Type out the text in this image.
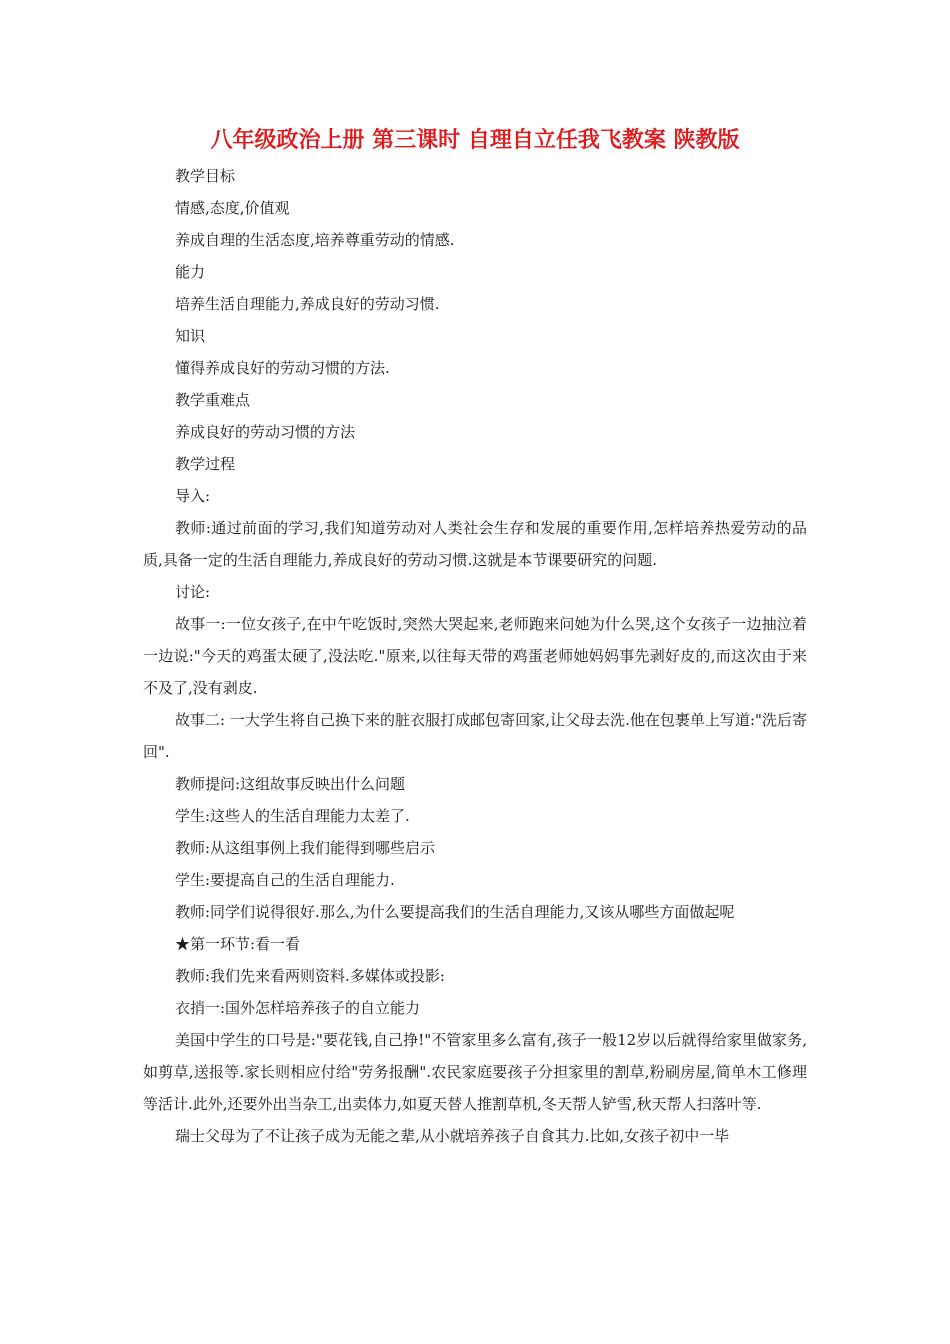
八年级政治上册 第三课时 自理自立任我飞教案 陕教版

教学目标

情感,态度,价值观

养成自理的生活态度,培养尊重劳动的情感.

能力

培养生活自理能力,养成良好的劳动习惯.

知识

懂得养成良好的劳动习惯的方法.

教学重难点

养成良好的劳动习惯的方法

教学过程

导入:

教师:通过前面的学习,我们知道劳动对人类社会生存和发展的重要作用,怎样培养热爱劳动的品质,具备一定的生活自理能力,养成良好的劳动习惯.这就是本节课要研究的问题.

讨论:

故事一:一位女孩子,在中午吃饭时,突然大哭起来,老师跑来问她为什么哭,这个女孩子一边抽泣着一边说:"今天的鸡蛋太硬了,没法吃."原来,以往每天带的鸡蛋老师她妈妈事先剥好皮的,而这次由于来不及了,没有剥皮.

故事二: 一大学生将自己换下来的脏衣服打成邮包寄回家,让父母去洗.他在包裹单上写道:"洗后寄回".

教师提问:这组故事反映出什么问题

学生:这些人的生活自理能力太差了.

教师:从这组事例上我们能得到哪些启示

学生:要提高自己的生活自理能力.

教师:同学们说得很好.那么,为什么要提高我们的生活自理能力,又该从哪些方面做起呢

★第一环节:看一看

教师:我们先来看两则资料.多媒体或投影:

衣捎一:国外怎样培养孩子的自立能力

美国中学生的口号是:"要花钱,自己挣!"不管家里多么富有,孩子一般12岁以后就得给家里做家务,如剪草,送报等.家长则相应付给"劳务报酬".农民家庭要孩子分担家里的割草,粉刷房屋,简单木工修理等活计.此外,还要外出当杂工,出卖体力,如夏天替人推割草机,冬天帮人铲雪,秋天帮人扫落叶等.

瑞士父母为了不让孩子成为无能之辈,从小就培养孩子自食其力.比如,女孩子初中一毕
